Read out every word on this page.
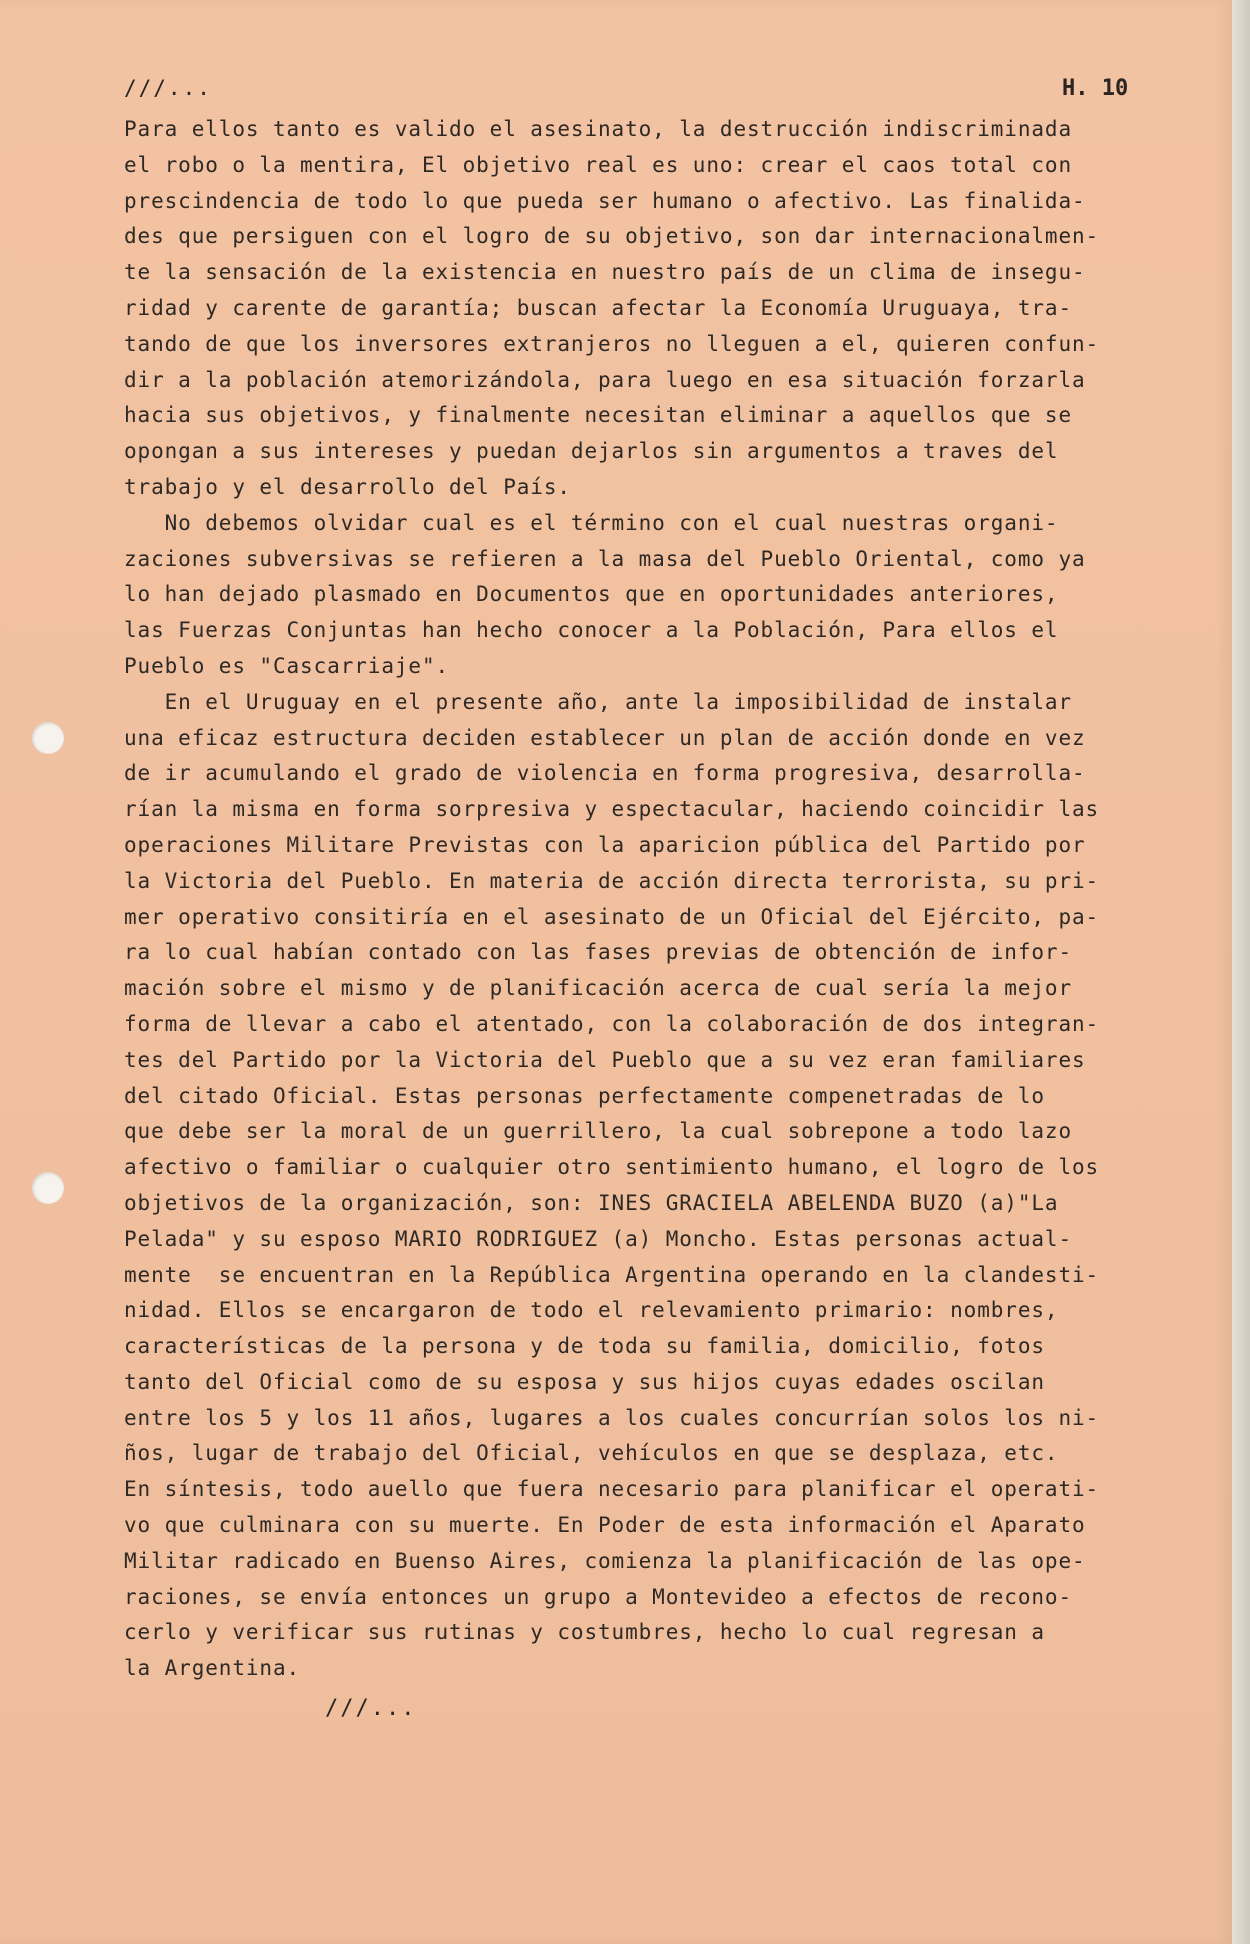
///...	H. 10
Para ellos tanto es valido el asesinato, la destrucción indiscriminada
el robo o la mentira, El objetivo real es uno: crear el caos total con
prescindencia de todo lo que pueda ser humano o afectivo. Las finalida-
des que persiguen con el logro de su objetivo, son dar internacionalmen-
te la sensación de la existencia en nuestro país de un clima de insegu-
ridad y carente de garantía; buscan afectar la Economía Uruguaya, tra-
tando de que los inversores extranjeros no lleguen a el, quieren confun-
dir a la población atemorizándola, para luego en esa situación forzarla
hacia sus objetivos, y finalmente necesitan eliminar a aquellos que se
opongan a sus intereses y puedan dejarlos sin argumentos a traves del
trabajo y el desarrollo del País.
No debemos olvidar cual es el término con el cual nuestras organi-
zaciones subversivas se refieren a la masa del Pueblo Oriental, como ya
lo han dejado plasmado en Documentos que en oportunidades anteriores,
las Fuerzas Conjuntas han hecho conocer a la Población, Para ellos el
Pueblo es "Cascarriaje".
En el Uruguay en el presente año, ante la imposibilidad de instalar
una eficaz estructura deciden establecer un plan de acción donde en vez
de ir acumulando el grado de violencia en forma progresiva, desarrolla-
rían la misma en forma sorpresiva y espectacular, haciendo coincidir las
operaciones Militare Previstas con la aparicion pública del Partido por
la Victoria del Pueblo. En materia de acción directa terrorista, su pri-
mer operativo consitiría en el asesinato de un Oficial del Ejército, pa-
ra lo cual habían contado con las fases previas de obtención de infor-
mación sobre el mismo y de planificación acerca de cual sería la mejor
forma de llevar a cabo el atentado, con la colaboración de dos integran-
tes del Partido por la Victoria del Pueblo que a su vez eran familiares
del citado Oficial. Estas personas perfectamente compenetradas de lo
que debe ser la moral de un guerrillero, la cual sobrepone a todo lazo
afectivo o familiar o cualquier otro sentimiento humano, el logro de los
objetivos de la organización, son: INES GRACIELA ABELENDA BUZO (a)"La
Pelada" y su esposo MARIO RODRIGUEZ (a) Moncho. Estas personas actual-
mente  se encuentran en la República Argentina operando en la clandesti-
nidad. Ellos se encargaron de todo el relevamiento primario: nombres,
características de la persona y de toda su familia, domicilio, fotos
tanto del Oficial como de su esposa y sus hijos cuyas edades oscilan
entre los 5 y los 11 años, lugares a los cuales concurrían solos los ni-
ños, lugar de trabajo del Oficial, vehículos en que se desplaza, etc.
En síntesis, todo auello que fuera necesario para planificar el operati-
vo que culminara con su muerte. En Poder de esta información el Aparato
Militar radicado en Buenso Aires, comienza la planificación de las ope-
raciones, se envía entonces un grupo a Montevideo a efectos de recono-
cerlo y verificar sus rutinas y costumbres, hecho lo cual regresan a
la Argentina.
///...
